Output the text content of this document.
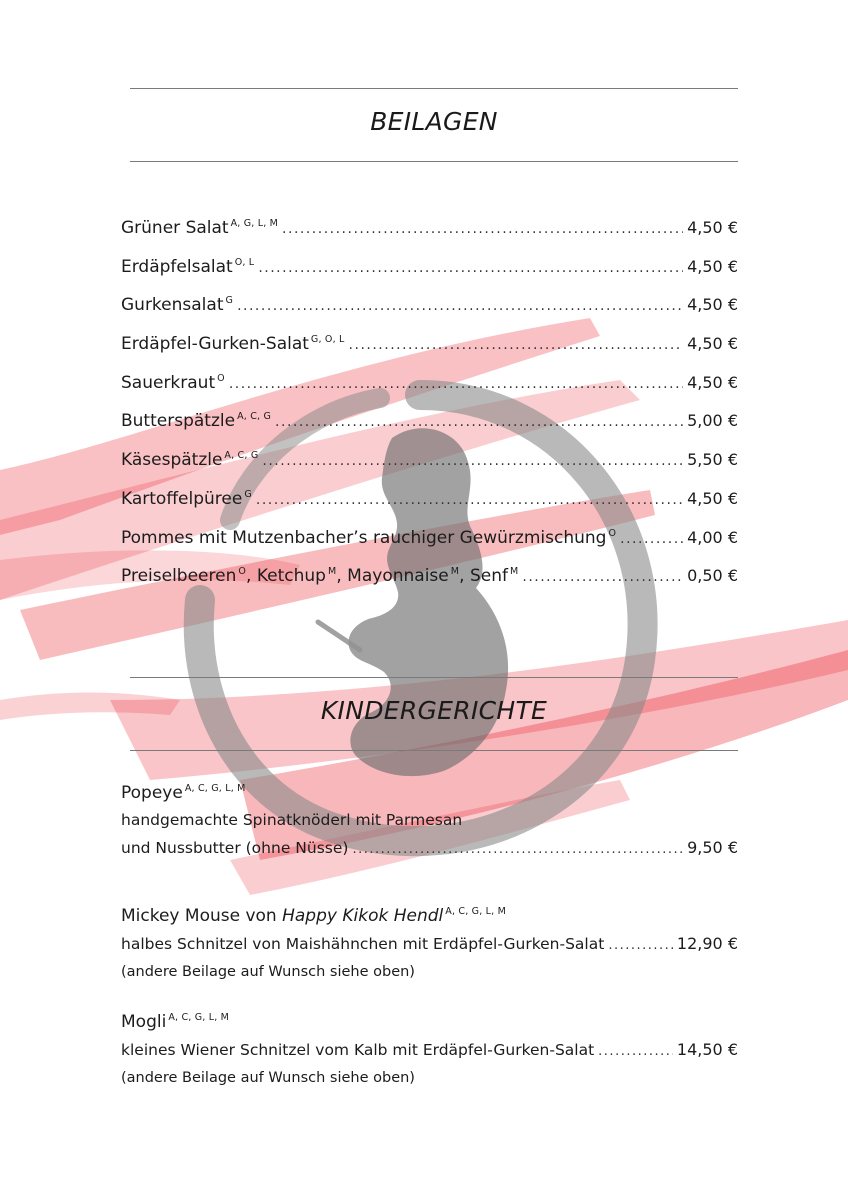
BEILAGEN
Grüner Salat $^{A, G, L, M}$ .....	4,50 €
Erdäpfelsalat $^{O, L}$ .....	4,50 €
Gurkensalat $^G$ .....	4,50 €
Erdäpfel-Gurken-Salat $^{G, O, L}$ .....	4,50 €
Sauerkraut $^O$ .....	4,50 €
Butterspätzle $^{A, C, G}$ .....	5,00 €
Käsespätzle $^{A, C, G}$ .....	5,50 €
Kartoffelpüree $^G$ .....	4,50 €
Pommes mit Mutzenbacher’s rauchiger Gewürzmischung $^O$ .....	4,00 €
Preiselbeeren $^O$, Ketchup $^M$, Mayonnaise $^M$, Senf $^M$ .....	0,50 €
KINDERGERICHTE
Popeye $^{A, C, G, L, M}$
handgemachte Spinatknöderl mit Parmesan
und Nussbutter (ohne Nüsse) .....	9,50 €
Mickey Mouse von Happy Kikok Hendl $^{A, C, G, L, M}$
halbes Schnitzel von Maishähnchen mit Erdäpfel-Gurken-Salat .....	12,90 €
(andere Beilage auf Wunsch siehe oben)
Mogli $^{A, C, G, L, M}$
kleines Wiener Schnitzel vom Kalb mit Erdäpfel-Gurken-Salat .....	14,50 €
(andere Beilage auf Wunsch siehe oben)
